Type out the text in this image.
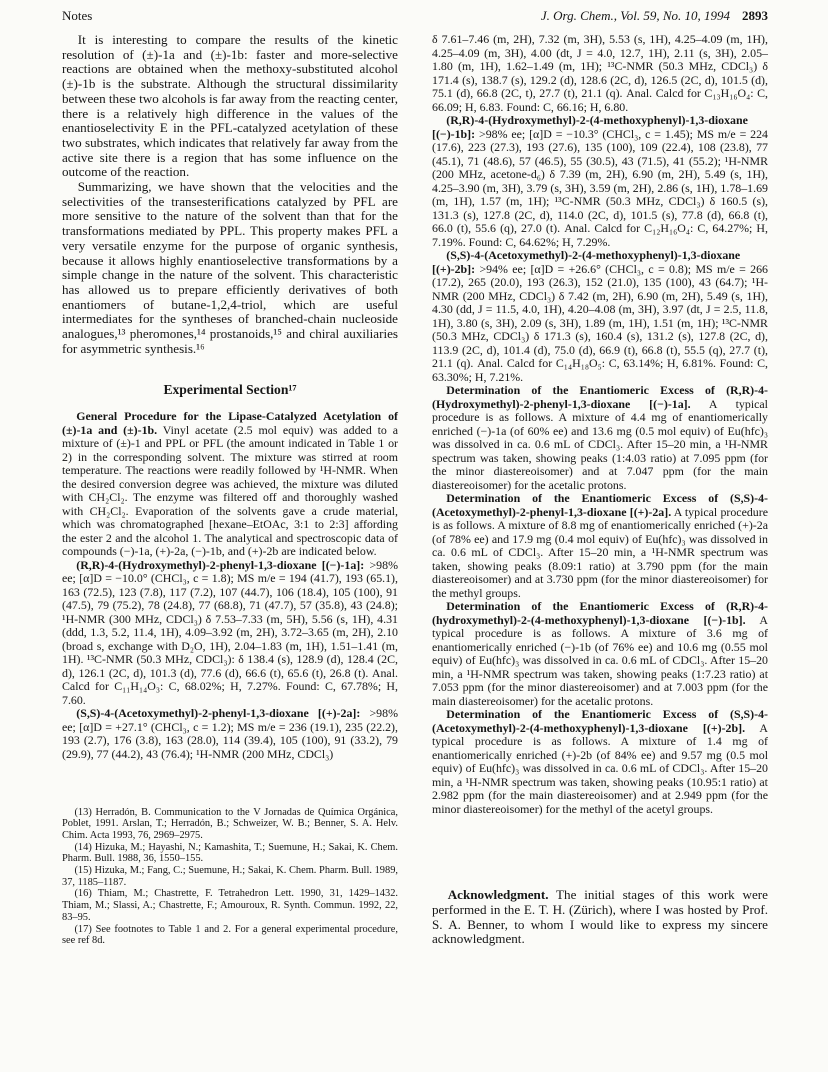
Notes	J. Org. Chem., Vol. 59, No. 10, 1994 2893

It is interesting to compare the results of the kinetic resolution of (±)-1a and (±)-1b: faster and more-selective reactions are obtained when the methoxy-substituted alcohol (±)-1b is the substrate. Although the structural dissimilarity between these two alcohols is far away from the reacting center, there is a relatively high difference in the values of the enantioselectivity E in the PFL-catalyzed acetylation of these two substrates, which indicates that relatively far away from the active site there is a region that has some influence on the outcome of the reaction.

Summarizing, we have shown that the velocities and the selectivities of the transesterifications catalyzed by PFL are more sensitive to the nature of the solvent than that for the transformations mediated by PPL. This property makes PFL a very versatile enzyme for the purpose of organic synthesis, because it allows highly enantioselective transformations by a simple change in the nature of the solvent. This characteristic has allowed us to prepare efficiently derivatives of both enantiomers of butane-1,2,4-triol, which are useful intermediates for the syntheses of branched-chain nucleoside analogues,¹³ pheromones,¹⁴ prostanoids,¹⁵ and chiral auxiliaries for asymmetric synthesis.¹⁶

Experimental Section¹⁷

General Procedure for the Lipase-Catalyzed Acetylation of (±)-1a and (±)-1b. Vinyl acetate (2.5 mol equiv) was added to a mixture of (±)-1 and PPL or PFL (the amount indicated in Table 1 or 2) in the corresponding solvent. The mixture was stirred at room temperature. The reactions were readily followed by ¹H-NMR. When the desired conversion degree was achieved, the mixture was diluted with CH₂Cl₂. The enzyme was filtered off and thoroughly washed with CH₂Cl₂. Evaporation of the solvents gave a crude material, which was chromatographed [hexane–EtOAc, 3:1 to 2:3] affording the ester 2 and the alcohol 1. The analytical and spectroscopic data of compounds (−)-1a, (+)-2a, (−)-1b, and (+)-2b are indicated below.

(R,R)-4-(Hydroxymethyl)-2-phenyl-1,3-dioxane [(−)-1a]: >98% ee; [α]D = −10.0° (CHCl₃, c = 1.8); MS m/e = 194 (41.7), 193 (65.1), 163 (72.5), 123 (7.8), 117 (7.2), 107 (44.7), 106 (18.4), 105 (100), 91 (47.5), 79 (75.2), 78 (24.8), 77 (68.8), 71 (47.7), 57 (35.8), 43 (24.8); ¹H-NMR (300 MHz, CDCl₃) δ 7.53–7.33 (m, 5H), 5.56 (s, 1H), 4.31 (ddd, 1.3, 5.2, 11.4, 1H), 4.09–3.92 (m, 2H), 3.72–3.65 (m, 2H), 2.10 (broad s, exchange with D₂O, 1H), 2.04–1.83 (m, 1H), 1.51–1.41 (m, 1H). ¹³C-NMR (50.3 MHz, CDCl₃): δ 138.4 (s), 128.9 (d), 128.4 (2C, d), 126.1 (2C, d), 101.3 (d), 77.6 (d), 66.6 (t), 65.6 (t), 26.8 (t). Anal. Calcd for C₁₁H₁₄O₃: C, 68.02%; H, 7.27%. Found: C, 67.78%; H, 7.60.

(S,S)-4-(Acetoxymethyl)-2-phenyl-1,3-dioxane [(+)-2a]: >98% ee; [α]D = +27.1° (CHCl₃, c = 1.2); MS m/e = 236 (19.1), 235 (22.2), 193 (2.7), 176 (3.8), 163 (28.0), 114 (39.4), 105 (100), 91 (33.2), 79 (29.9), 77 (44.2), 43 (76.4); ¹H-NMR (200 MHz, CDCl₃)

(13) Herradón, B. Communication to the V Jornadas de Química Orgánica, Poblet, 1991. Arslan, T.; Herradón, B.; Schweizer, W. B.; Benner, S. A. Helv. Chim. Acta 1993, 76, 2969–2975.

(14) Hizuka, M.; Hayashi, N.; Kamashita, T.; Suemune, H.; Sakai, K. Chem. Pharm. Bull. 1988, 36, 1550–155.

(15) Hizuka, M.; Fang, C.; Suemune, H.; Sakai, K. Chem. Pharm. Bull. 1989, 37, 1185–1187.

(16) Thiam, M.; Chastrette, F. Tetrahedron Lett. 1990, 31, 1429–1432. Thiam, M.; Slassi, A.; Chastrette, F.; Amouroux, R. Synth. Commun. 1992, 22, 83–95.

(17) See footnotes to Table 1 and 2. For a general experimental procedure, see ref 8d.

δ 7.61–7.46 (m, 2H), 7.32 (m, 3H), 5.53 (s, 1H), 4.25–4.09 (m, 1H), 4.25–4.09 (m, 3H), 4.00 (dt, J = 4.0, 12.7, 1H), 2.11 (s, 3H), 2.05–1.80 (m, 1H), 1.62–1.49 (m, 1H); ¹³C-NMR (50.3 MHz, CDCl₃) δ 171.4 (s), 138.7 (s), 129.2 (d), 128.6 (2C, d), 126.5 (2C, d), 101.5 (d), 75.1 (d), 66.8 (2C, t), 27.7 (t), 21.1 (q). Anal. Calcd for C₁₃H₁₆O₄: C, 66.09; H, 6.83. Found: C, 66.16; H, 6.80.

(R,R)-4-(Hydroxymethyl)-2-(4-methoxyphenyl)-1,3-dioxane [(−)-1b]: >98% ee; [α]D = −10.3° (CHCl₃, c = 1.45); MS m/e = 224 (17.6), 223 (27.3), 193 (27.6), 135 (100), 109 (22.4), 108 (23.8), 77 (45.1), 71 (48.6), 57 (46.5), 55 (30.5), 43 (71.5), 41 (55.2); ¹H-NMR (200 MHz, acetone-d₆) δ 7.39 (m, 2H), 6.90 (m, 2H), 5.49 (s, 1H), 4.25–3.90 (m, 3H), 3.79 (s, 3H), 3.59 (m, 2H), 2.86 (s, 1H), 1.78–1.69 (m, 1H), 1.57 (m, 1H); ¹³C-NMR (50.3 MHz, CDCl₃) δ 160.5 (s), 131.3 (s), 127.8 (2C, d), 114.0 (2C, d), 101.5 (s), 77.8 (d), 66.8 (t), 66.0 (t), 55.6 (q), 27.0 (t). Anal. Calcd for C₁₂H₁₆O₄: C, 64.27%; H, 7.19%. Found: C, 64.62%; H, 7.29%.

(S,S)-4-(Acetoxymethyl)-2-(4-methoxyphenyl)-1,3-dioxane [(+)-2b]: >94% ee; [α]D = +26.6° (CHCl₃, c = 0.8); MS m/e = 266 (17.2), 265 (20.0), 193 (26.3), 152 (21.0), 135 (100), 43 (64.7); ¹H-NMR (200 MHz, CDCl₃) δ 7.42 (m, 2H), 6.90 (m, 2H), 5.49 (s, 1H), 4.30 (dd, J = 11.5, 4.0, 1H), 4.20–4.08 (m, 3H), 3.97 (dt, J = 2.5, 11.8, 1H), 3.80 (s, 3H), 2.09 (s, 3H), 1.89 (m, 1H), 1.51 (m, 1H); ¹³C-NMR (50.3 MHz, CDCl₃) δ 171.3 (s), 160.4 (s), 131.2 (s), 127.8 (2C, d), 113.9 (2C, d), 101.4 (d), 75.0 (d), 66.9 (t), 66.8 (t), 55.5 (q), 27.7 (t), 21.1 (q). Anal. Calcd for C₁₄H₁₈O₅: C, 63.14%; H, 6.81%. Found: C, 63.30%; H, 7.21%.

Determination of the Enantiomeric Excess of (R,R)-4-(Hydroxymethyl)-2-phenyl-1,3-dioxane [(−)-1a]. A typical procedure is as follows. A mixture of 4.4 mg of enantiomerically enriched (−)-1a (of 60% ee) and 13.6 mg (0.5 mol equiv) of Eu(hfc)₃ was dissolved in ca. 0.6 mL of CDCl₃. After 15–20 min, a ¹H-NMR spectrum was taken, showing peaks (1:4.03 ratio) at 7.095 ppm (for the minor diastereoisomer) and at 7.047 ppm (for the main diastereoisomer) for the acetalic protons.

Determination of the Enantiomeric Excess of (S,S)-4-(Acetoxymethyl)-2-phenyl-1,3-dioxane [(+)-2a]. A typical procedure is as follows. A mixture of 8.8 mg of enantiomerically enriched (+)-2a (of 78% ee) and 17.9 mg (0.4 mol equiv) of Eu(hfc)₃ was dissolved in ca. 0.6 mL of CDCl₃. After 15–20 min, a ¹H-NMR spectrum was taken, showing peaks (8.09:1 ratio) at 3.790 ppm (for the main diastereoisomer) and at 3.730 ppm (for the minor diastereoisomer) for the methyl groups.

Determination of the Enantiomeric Excess of (R,R)-4-(hydroxymethyl)-2-(4-methoxyphenyl)-1,3-dioxane [(−)-1b]. A typical procedure is as follows. A mixture of 3.6 mg of enantiomerically enriched (−)-1b (of 76% ee) and 10.6 mg (0.55 mol equiv) of Eu(hfc)₃ was dissolved in ca. 0.6 mL of CDCl₃. After 15–20 min, a ¹H-NMR spectrum was taken, showing peaks (1:7.23 ratio) at 7.053 ppm (for the minor diastereoisomer) and at 7.003 ppm (for the main diastereoisomer) for the acetalic protons.

Determination of the Enantiomeric Excess of (S,S)-4-(Acetoxymethyl)-2-(4-methoxyphenyl)-1,3-dioxane [(+)-2b]. A typical procedure is as follows. A mixture of 1.4 mg of enantiomerically enriched (+)-2b (of 84% ee) and 9.57 mg (0.5 mol equiv) of Eu(hfc)₃ was dissolved in ca. 0.6 mL of CDCl₃. After 15–20 min, a ¹H-NMR spectrum was taken, showing peaks (10.95:1 ratio) at 2.982 ppm (for the main diastereoisomer) and at 2.949 ppm (for the minor diastereoisomer) for the methyl of the acetyl groups.

Acknowledgment. The initial stages of this work were performed in the E. T. H. (Zürich), where I was hosted by Prof. S. A. Benner, to whom I would like to express my sincere acknowledgment.
